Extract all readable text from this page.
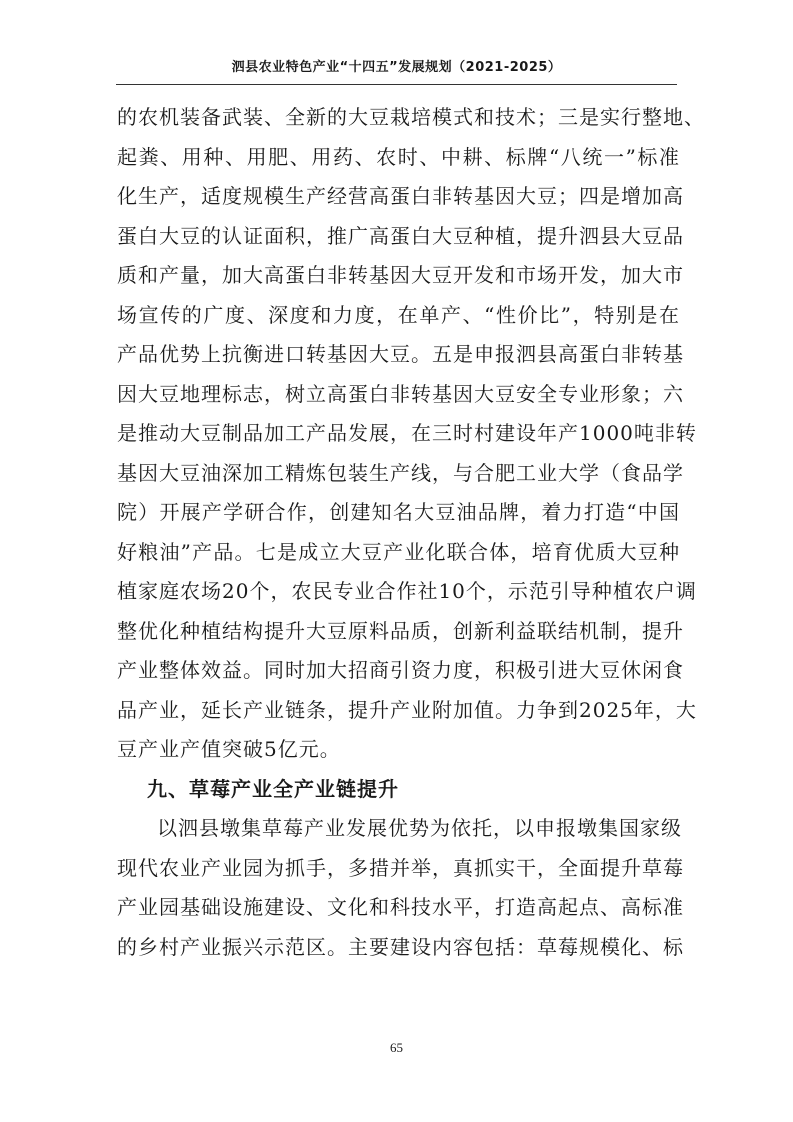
泗县农业特色产业“十四五”发展规划（2021-2025）
的农机装备武装、全新的大豆栽培模式和技术；三是实行整地、
起粪、用种、用肥、用药、农时、中耕、标牌“八统一”标准
化生产，适度规模生产经营高蛋白非转基因大豆；四是增加高
蛋白大豆的认证面积，推广高蛋白大豆种植，提升泗县大豆品
质和产量，加大高蛋白非转基因大豆开发和市场开发，加大市
场宣传的广度、深度和力度，在单产、“性价比”，特别是在
产品优势上抗衡进口转基因大豆。五是申报泗县高蛋白非转基
因大豆地理标志，树立高蛋白非转基因大豆安全专业形象；六
是推动大豆制品加工产品发展，在三时村建设年产1000吨非转
基因大豆油深加工精炼包装生产线，与合肥工业大学（食品学
院）开展产学研合作，创建知名大豆油品牌，着力打造“中国
好粮油”产品。七是成立大豆产业化联合体，培育优质大豆种
植家庭农场20个，农民专业合作社10个，示范引导种植农户调
整优化种植结构提升大豆原料品质，创新利益联结机制，提升
产业整体效益。同时加大招商引资力度，积极引进大豆休闲食
品产业，延长产业链条，提升产业附加值。力争到2025年，大
豆产业产值突破5亿元。
九、草莓产业全产业链提升
以泗县墩集草莓产业发展优势为依托，以申报墩集国家级
现代农业产业园为抓手，多措并举，真抓实干，全面提升草莓
产业园基础设施建设、文化和科技水平，打造高起点、高标准
的乡村产业振兴示范区。主要建设内容包括：草莓规模化、标
65
